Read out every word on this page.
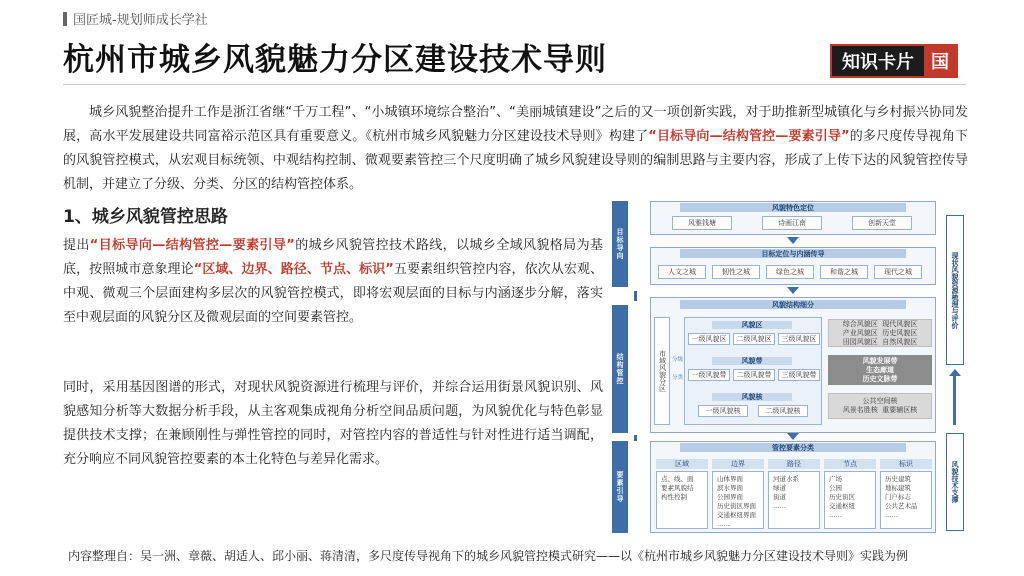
国匠城-规划师成长学社
杭州市城乡风貌魅力分区建设技术导则	知识卡片 国
城乡风貌整治提升工作是浙江省继“千万工程”、“小城镇环境综合整治”、“美丽城镇建设”之后的又一项创新实践，对于助推新型城镇化与乡村振兴协同发展，高水平发展建设共同富裕示范区具有重要意义。《杭州市城乡风貌魅力分区建设技术导则》构建了“目标导向—结构管控—要素引导”的多尺度传导视角下的风貌管控模式，从宏观目标统领、中观结构控制、微观要素管控三个尺度明确了城乡风貌建设导则的编制思路与主要内容，形成了上传下达的风貌管控传导机制，并建立了分级、分类、分区的结构管控体系。
1、城乡风貌管控思路
提出“目标导向—结构管控—要素引导”的城乡风貌管控技术路线，以城乡全域风貌格局为基底，按照城市意象理论“区域、边界、路径、节点、标识”五要素组织管控内容，依次从宏观、中观、微观三个层面建构多层次的风貌管控模式，即将宏观层面的目标与内涵逐步分解，落实至中观层面的风貌分区及微观层面的空间要素管控。
同时，采用基因图谱的形式，对现状风貌资源进行梳理与评价，并综合运用街景风貌识别、风貌感知分析等大数据分析手段，从主客观集成视角分析空间品质问题，为风貌优化与特色彰显提供技术支撑；在兼顾刚性与弹性管控的同时，对管控内容的普适性与针对性进行适当调配，充分响应不同风貌管控要素的本土化特色与差异化需求。
目标导向
结构管控
要素引导
现状风貌资源梳理与评价
风貌技术支撑
风貌特色定位
风雅钱塘	诗画江南	创新天堂
目标定位与内涵传导
人文之城	韧性之城	绿色之城	和谐之城	现代之城
风貌结构细分
市域风貌分区	分级
分类
风貌区
一级风貌区	二级风貌区	三级风貌区
风貌带
一级风貌带	二级风貌带	三级风貌带
风貌核
一级风貌核	二级风貌核
综合风貌区  现代风貌区
产业风貌区  历史风貌区
田园风貌区  自然风貌区
风貌发展带
生态廊道
历史文脉带
公共空间核
风景名胜核  重要辅区核
管控要素分类
区域
点、线、面
要素风貌结
构性控制
边界
山体界面
滨水界面
公园界面
历史街区界面
交通枢纽界面
……
路径
河道水系
绿道
街道
……
节点
广场
公园
历史街区
交通枢纽
……
标识
历史建筑
地标建筑
门户标志
公共艺术品
……
内容整理自：吴一洲、章薇、胡适人、邱小丽、蒋清清，多尺度传导视角下的城乡风貌管控模式研究——以《杭州市城乡风貌魅力分区建设技术导则》实践为例
